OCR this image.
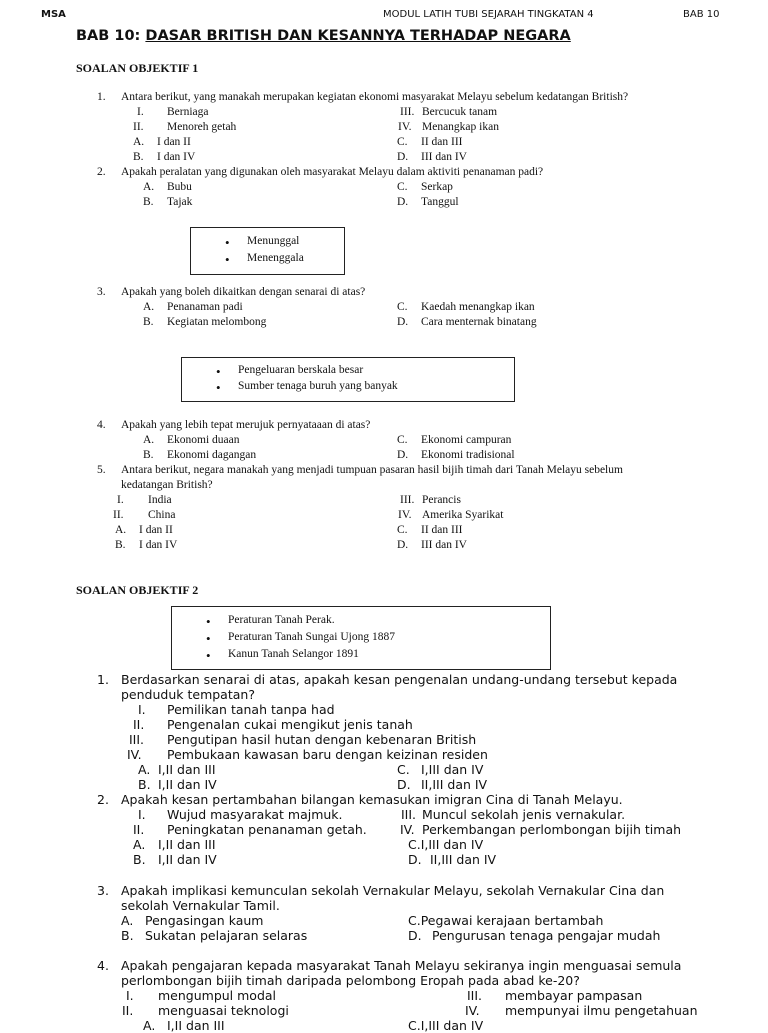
MSA	MODUL LATIH TUBI SEJARAH TINGKATAN 4	BAB 10
BAB 10: DASAR BRITISH DAN KESANNYA TERHADAP NEGARA
SOALAN OBJEKTIF 1
1. Antara berikut, yang manakah merupakan kegiatan ekonomi masyarakat Melayu sebelum kedatangan British?
I. Berniaga	III. Bercucuk tanam
II. Menoreh getah	IV. Menangkap ikan
A. I dan II	C. II dan III
B. I dan IV	D. III dan IV
2. Apakah peralatan yang digunakan oleh masyarakat Melayu dalam aktiviti penanaman padi?
A. Bubu	C. Serkap
B. Tajak	D. Tanggul
• Menunggal
• Menenggala
3. Apakah yang boleh dikaitkan dengan senarai di atas?
A. Penanaman padi	C. Kaedah menangkap ikan
B. Kegiatan melombong	D. Cara menternak binatang
• Pengeluaran berskala besar
• Sumber tenaga buruh yang banyak
4. Apakah yang lebih tepat merujuk pernyataaan di atas?
A. Ekonomi duaan	C. Ekonomi campuran
B. Ekonomi dagangan	D. Ekonomi tradisional
5. Antara berikut, negara manakah yang menjadi tumpuan pasaran hasil bijih timah dari Tanah Melayu sebelum
kedatangan British?
I. India	III. Perancis
II. China	IV. Amerika Syarikat
A. I dan II	C. II dan III
B. I dan IV	D. III dan IV
SOALAN OBJEKTIF 2
• Peraturan Tanah Perak.
• Peraturan Tanah Sungai Ujong 1887
• Kanun Tanah Selangor 1891
1. Berdasarkan senarai di atas, apakah kesan pengenalan undang-undang tersebut kepada
penduduk tempatan?
I. Pemilikan tanah tanpa had
II. Pengenalan cukai mengikut jenis tanah
III. Pengutipan hasil hutan dengan kebenaran British
IV. Pembukaan kawasan baru dengan keizinan residen
A. I,II dan III	C. I,III dan IV
B. I,II dan IV	D. II,III dan IV
2. Apakah kesan pertambahan bilangan kemasukan imigran Cina di Tanah Melayu.
I. Wujud masyarakat majmuk.	III. Muncul sekolah jenis vernakular.
II. Peningkatan penanaman getah.	IV. Perkembangan perlombongan bijih timah
A. I,II dan III	C.I,III dan IV
B. I,II dan IV	D. II,III dan IV
3. Apakah implikasi kemunculan sekolah Vernakular Melayu, sekolah Vernakular Cina dan
sekolah Vernakular Tamil.
A. Pengasingan kaum	C.Pegawai kerajaan bertambah
B. Sukatan pelajaran selaras	D. Pengurusan tenaga pengajar mudah
4. Apakah pengajaran kepada masyarakat Tanah Melayu sekiranya ingin menguasai semula
perlombongan bijih timah daripada pelombong Eropah pada abad ke-20?
I. mengumpul modal	III. membayar pampasan
II. menguasai teknologi	IV. mempunyai ilmu pengetahuan
A. I,II dan III	C.I,III dan IV
